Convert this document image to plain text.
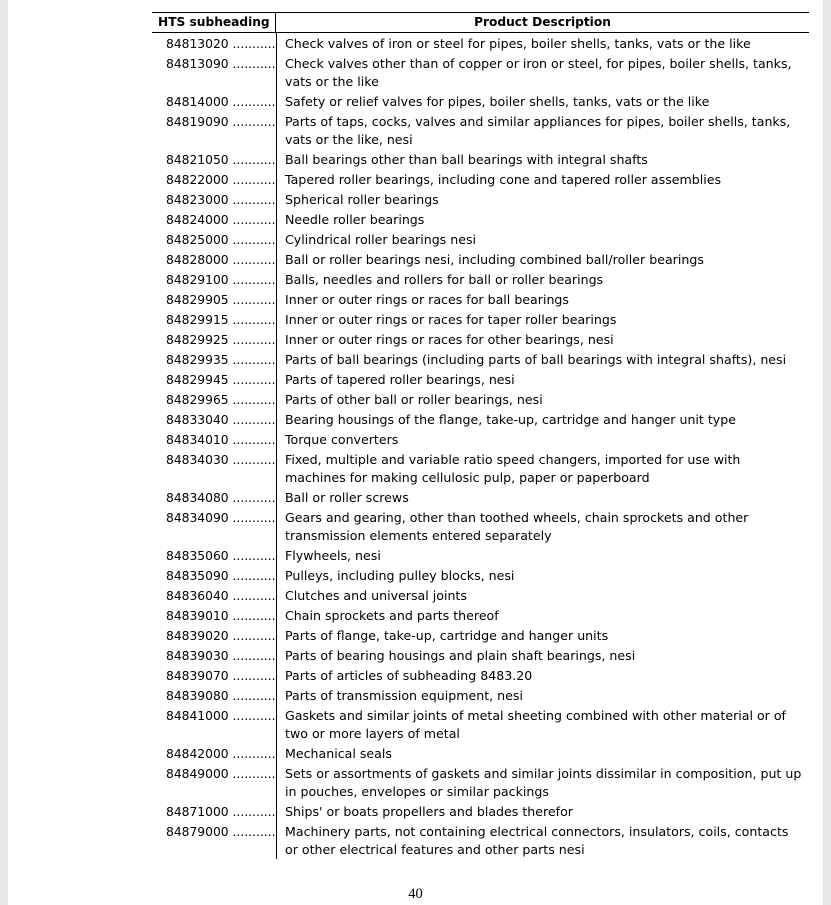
HTS subheading	Product Description
84813020 ........... Check valves of iron or steel for pipes, boiler shells, tanks, vats or the like
84813090 ........... Check valves other than of copper or iron or steel, for pipes, boiler shells, tanks, vats or the like
84814000 ........... Safety or relief valves for pipes, boiler shells, tanks, vats or the like
84819090 ........... Parts of taps, cocks, valves and similar appliances for pipes, boiler shells, tanks, vats or the like, nesi
84821050 ........... Ball bearings other than ball bearings with integral shafts
84822000 ........... Tapered roller bearings, including cone and tapered roller assemblies
84823000 ........... Spherical roller bearings
84824000 ........... Needle roller bearings
84825000 ........... Cylindrical roller bearings nesi
84828000 ........... Ball or roller bearings nesi, including combined ball/roller bearings
84829100 ........... Balls, needles and rollers for ball or roller bearings
84829905 ........... Inner or outer rings or races for ball bearings
84829915 ........... Inner or outer rings or races for taper roller bearings
84829925 ........... Inner or outer rings or races for other bearings, nesi
84829935 ........... Parts of ball bearings (including parts of ball bearings with integral shafts), nesi
84829945 ........... Parts of tapered roller bearings, nesi
84829965 ........... Parts of other ball or roller bearings, nesi
84833040 ........... Bearing housings of the flange, take-up, cartridge and hanger unit type
84834010 ........... Torque converters
84834030 ........... Fixed, multiple and variable ratio speed changers, imported for use with machines for making cellulosic pulp, paper or paperboard
84834080 ........... Ball or roller screws
84834090 ........... Gears and gearing, other than toothed wheels, chain sprockets and other transmission elements entered separately
84835060 ........... Flywheels, nesi
84835090 ........... Pulleys, including pulley blocks, nesi
84836040 ........... Clutches and universal joints
84839010 ........... Chain sprockets and parts thereof
84839020 ........... Parts of flange, take-up, cartridge and hanger units
84839030 ........... Parts of bearing housings and plain shaft bearings, nesi
84839070 ........... Parts of articles of subheading 8483.20
84839080 ........... Parts of transmission equipment, nesi
84841000 ........... Gaskets and similar joints of metal sheeting combined with other material or of two or more layers of metal
84842000 ........... Mechanical seals
84849000 ........... Sets or assortments of gaskets and similar joints dissimilar in composition, put up in pouches, envelopes or similar packings
84871000 ........... Ships' or boats propellers and blades therefor
84879000 ........... Machinery parts, not containing electrical connectors, insulators, coils, contacts or other electrical features and other parts nesi
40
